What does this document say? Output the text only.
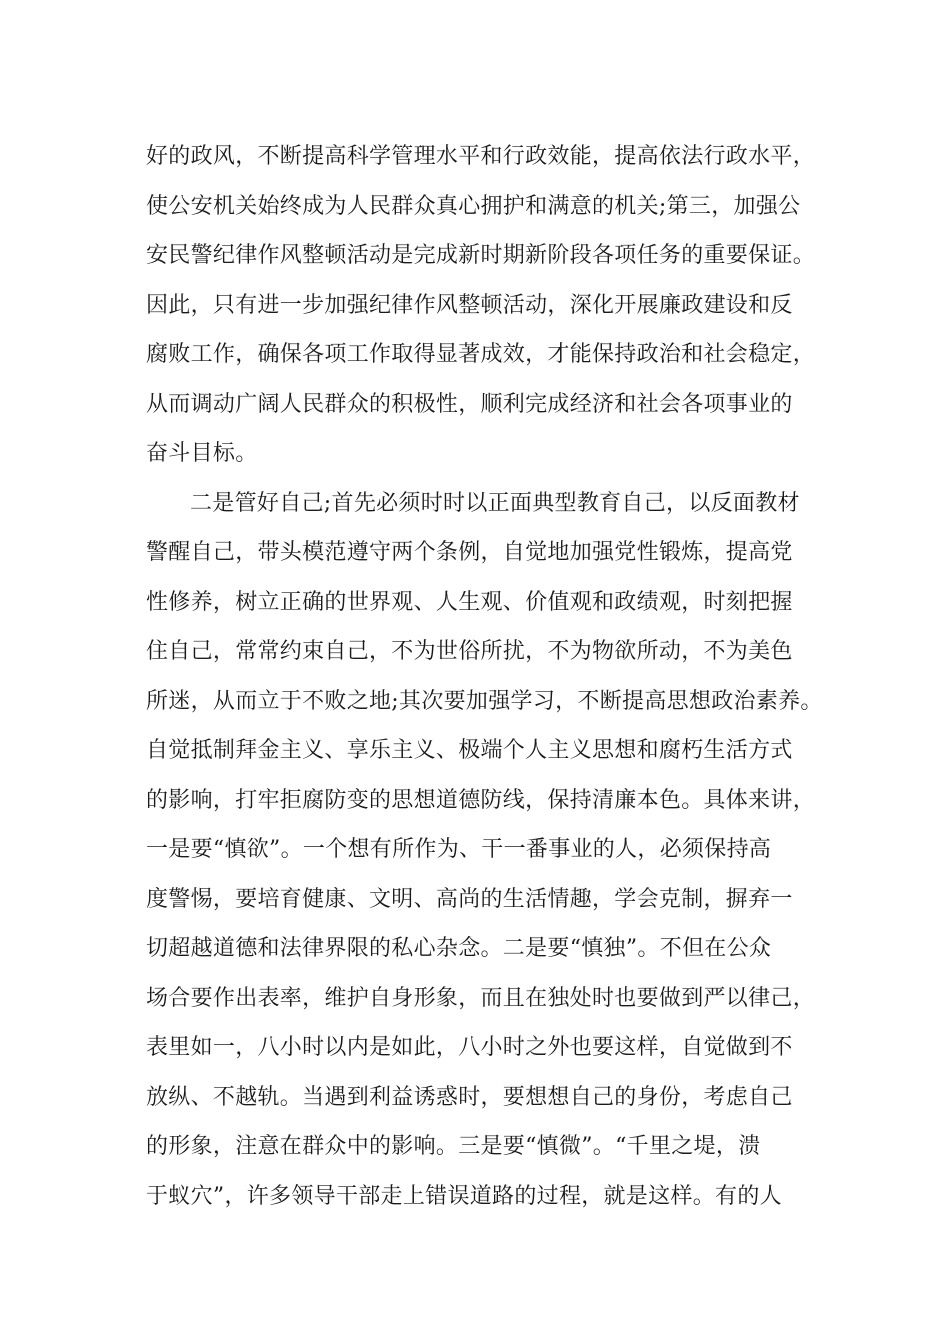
好的政风，不断提高科学管理水平和行政效能，提高依法行政水平，
使公安机关始终成为人民群众真心拥护和满意的机关;第三，加强公
安民警纪律作风整顿活动是完成新时期新阶段各项任务的重要保证。
因此，只有进一步加强纪律作风整顿活动，深化开展廉政建设和反
腐败工作，确保各项工作取得显著成效，才能保持政治和社会稳定，
从而调动广阔人民群众的积极性，顺利完成经济和社会各项事业的
奋斗目标。
二是管好自己;首先必须时时以正面典型教育自己，以反面教材
警醒自己，带头模范遵守两个条例，自觉地加强党性锻炼，提高党
性修养，树立正确的世界观、人生观、价值观和政绩观，时刻把握
住自己，常常约束自己，不为世俗所扰，不为物欲所动，不为美色
所迷，从而立于不败之地;其次要加强学习，不断提高思想政治素养。
自觉抵制拜金主义、享乐主义、极端个人主义思想和腐朽生活方式
的影响，打牢拒腐防变的思想道德防线，保持清廉本色。具体来讲，
一是要“慎欲”。一个想有所作为、干一番事业的人，必须保持高
度警惕，要培育健康、文明、高尚的生活情趣，学会克制，摒弃一
切超越道德和法律界限的私心杂念。二是要“慎独”。不但在公众
场合要作出表率，维护自身形象，而且在独处时也要做到严以律己，
表里如一，八小时以内是如此，八小时之外也要这样，自觉做到不
放纵、不越轨。当遇到利益诱惑时，要想想自己的身份，考虑自己
的形象，注意在群众中的影响。三是要“慎微”。“千里之堤，溃
于蚁穴”，许多领导干部走上错误道路的过程，就是这样。有的人
